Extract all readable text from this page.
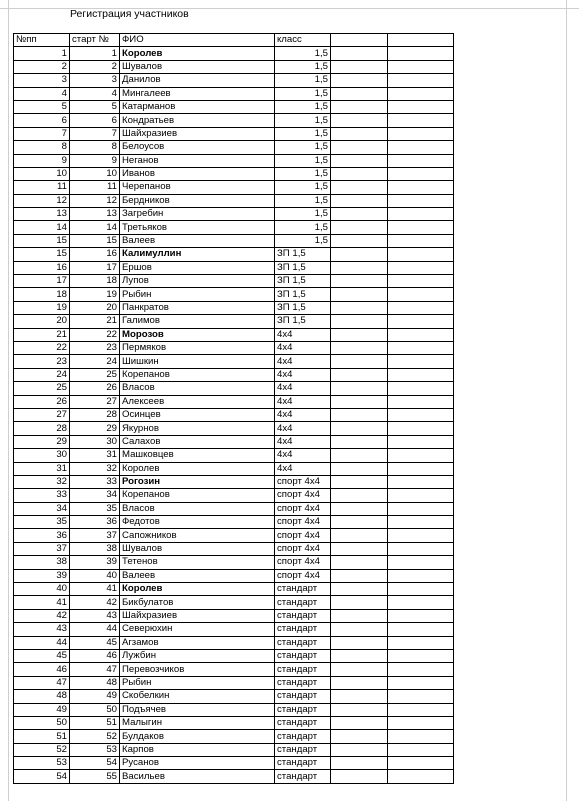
Регистрация участников
№пп	старт №	ФИО	класс		
1	1	Королев	1,5		
2	2	Шувалов	1,5		
3	3	Данилов	1,5		
4	4	Мингалеев	1,5		
5	5	Катарманов	1,5		
6	6	Кондратьев	1,5		
7	7	Шайхразиев	1,5		
8	8	Белоусов	1,5		
9	9	Неганов	1,5		
10	10	Иванов	1,5		
11	11	Черепанов	1,5		
12	12	Бердников	1,5		
13	13	Загребин	1,5		
14	14	Третьяков	1,5		
15	15	Валеев	1,5		
15	16	Калимуллин	ЗП 1,5		
16	17	Ершов	ЗП 1,5		
17	18	Лупов	ЗП 1,5		
18	19	Рыбин	ЗП 1,5		
19	20	Панкратов	ЗП 1,5		
20	21	Галимов	ЗП 1,5		
21	22	Морозов	4х4		
22	23	Пермяков	4х4		
23	24	Шишкин	4х4		
24	25	Корепанов	4х4		
25	26	Власов	4х4		
26	27	Алексеев	4х4		
27	28	Осинцев	4х4		
28	29	Якурнов	4х4		
29	30	Салахов	4х4		
30	31	Машковцев	4х4		
31	32	Королев	4х4		
32	33	Рогозин	спорт 4х4		
33	34	Корепанов	спорт 4х4		
34	35	Власов	спорт 4х4		
35	36	Федотов	спорт 4х4		
36	37	Сапожников	спорт 4х4		
37	38	Шувалов	спорт 4х4		
38	39	Тетенов	спорт 4х4		
39	40	Валеев	спорт 4х4		
40	41	Королев	стандарт		
41	42	Бикбулатов	стандарт		
42	43	Шайхразиев	стандарт		
43	44	Северюхин	стандарт		
44	45	Агзамов	стандарт		
45	46	Лужбин	стандарт		
46	47	Перевозчиков	стандарт		
47	48	Рыбин	стандарт		
48	49	Скобелкин	стандарт		
49	50	Подъячев	стандарт		
50	51	Малыгин	стандарт		
51	52	Булдаков	стандарт		
52	53	Карпов	стандарт		
53	54	Русанов	стандарт		
54	55	Васильев	стандарт		
